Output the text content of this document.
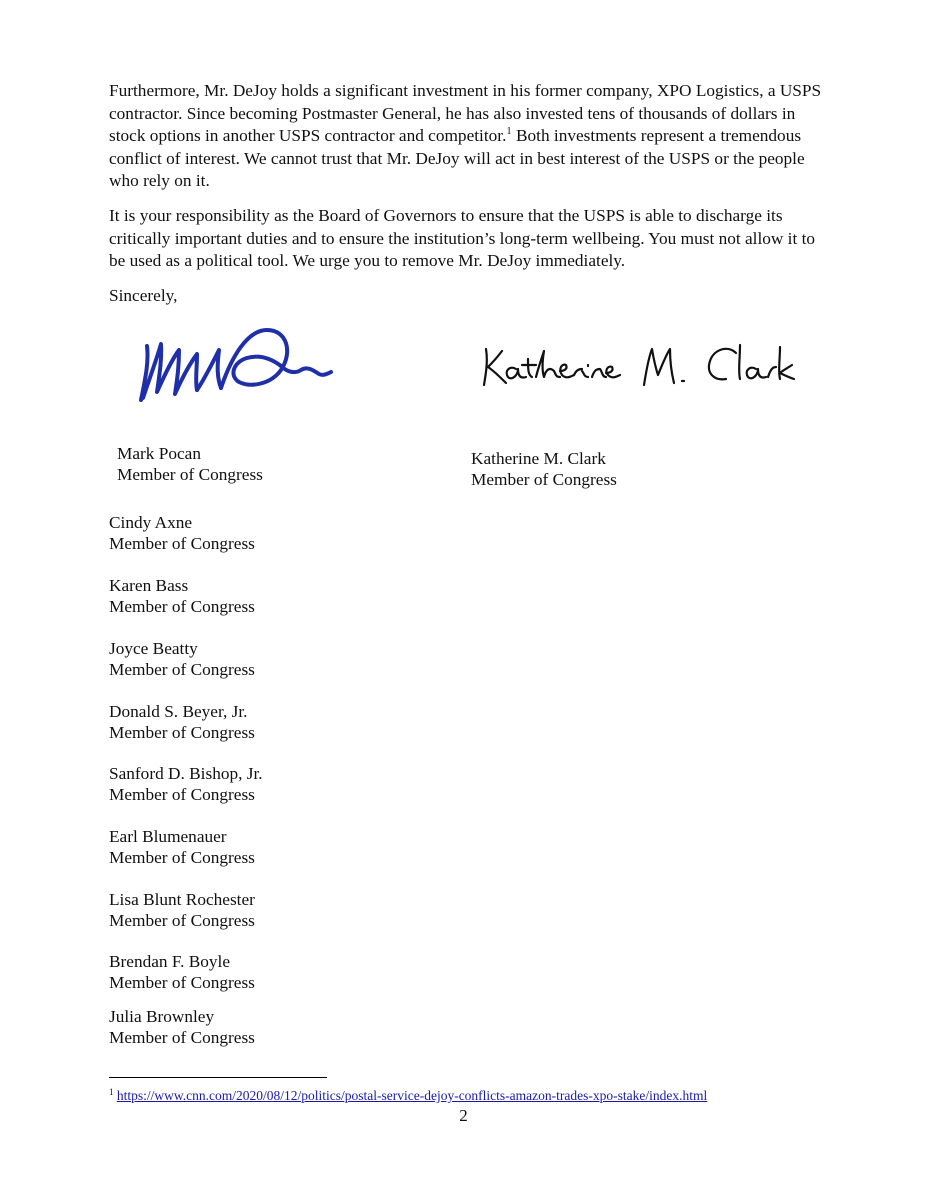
Furthermore, Mr. DeJoy holds a significant investment in his former company, XPO Logistics, a USPS contractor. Since becoming Postmaster General, he has also invested tens of thousands of dollars in stock options in another USPS contractor and competitor.$^1$ Both investments represent a tremendous conflict of interest. We cannot trust that Mr. DeJoy will act in best interest of the USPS or the people who rely on it.

It is your responsibility as the Board of Governors to ensure that the USPS is able to discharge its critically important duties and to ensure the institution’s long-term wellbeing. You must not allow it to be used as a political tool. We urge you to remove Mr. DeJoy immediately.

Sincerely,

Mark Pocan
Member of Congress
Katherine M. Clark
Member of Congress
Cindy Axne
Member of Congress
Karen Bass
Member of Congress
Joyce Beatty
Member of Congress
Donald S. Beyer, Jr.
Member of Congress
Sanford D. Bishop, Jr.
Member of Congress
Earl Blumenauer
Member of Congress
Lisa Blunt Rochester
Member of Congress
Brendan F. Boyle
Member of Congress
Julia Brownley
Member of Congress
$^1$ https://www.cnn.com/2020/08/12/politics/postal-service-dejoy-conflicts-amazon-trades-xpo-stake/index.html
2
